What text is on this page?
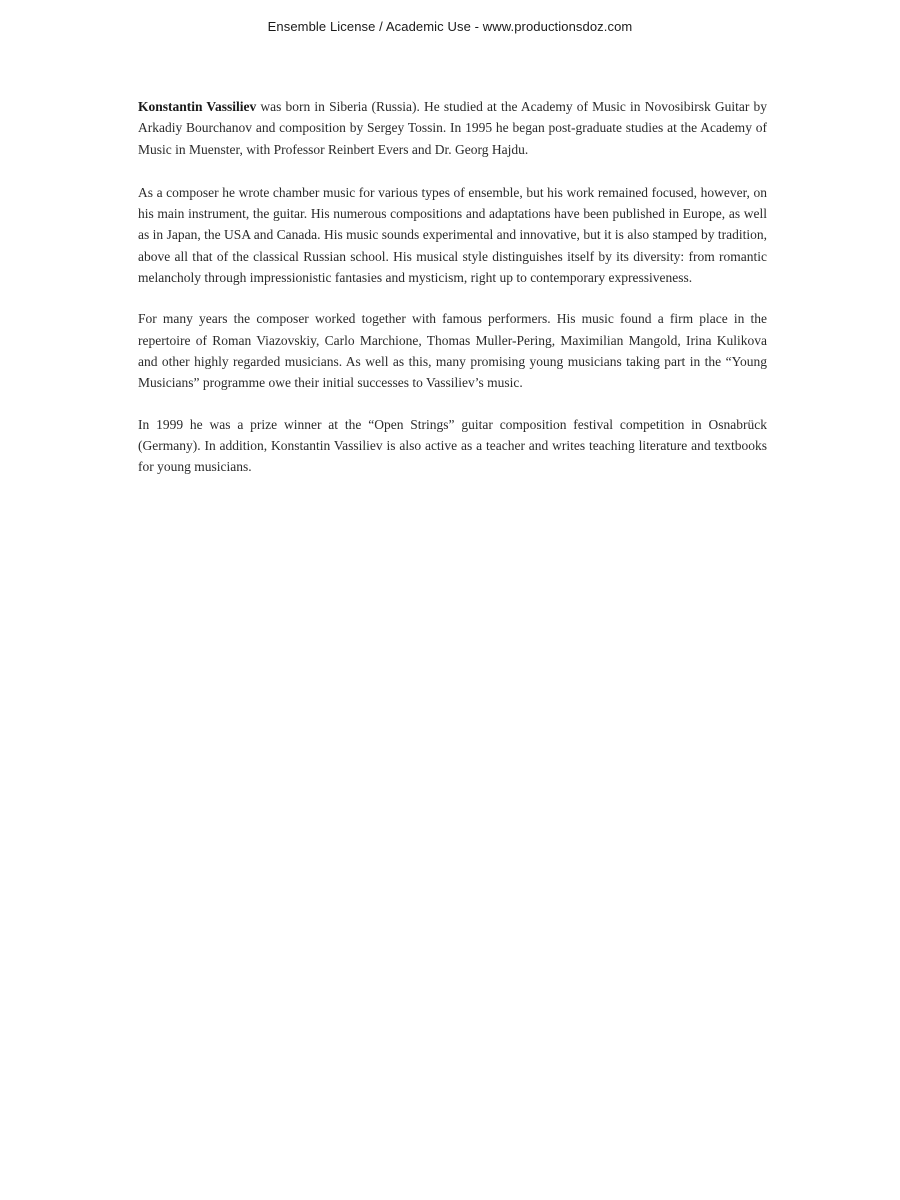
Ensemble License / Academic Use - www.productionsdoz.com

Konstantin Vassiliev was born in Siberia (Russia). He studied at the Academy of Music in Novosibirsk Guitar by Arkadiy Bourchanov and composition by Sergey Tossin. In 1995 he began post-graduate studies at the Academy of Music in Muenster, with Professor Reinbert Evers and Dr. Georg Hajdu.

As a composer he wrote chamber music for various types of ensemble, but his work remained focused, however, on his main instrument, the guitar. His numerous compositions and adaptations have been published in Europe, as well as in Japan, the USA and Canada. His music sounds experimental and innovative, but it is also stamped by tradition, above all that of the classical Russian school. His musical style distinguishes itself by its diversity: from romantic melancholy through impressionistic fantasies and mysticism, right up to contemporary expressiveness.

For many years the composer worked together with famous performers. His music found a firm place in the repertoire of Roman Viazovskiy, Carlo Marchione, Thomas Muller-Pering, Maximilian Mangold, Irina Kulikova and other highly regarded musicians. As well as this, many promising young musicians taking part in the “Young Musicians” programme owe their initial successes to Vassiliev’s music.

In 1999 he was a prize winner at the “Open Strings” guitar composition festival competition in Osnabrück (Germany). In addition, Konstantin Vassiliev is also active as a teacher and writes teaching literature and textbooks for young musicians.
